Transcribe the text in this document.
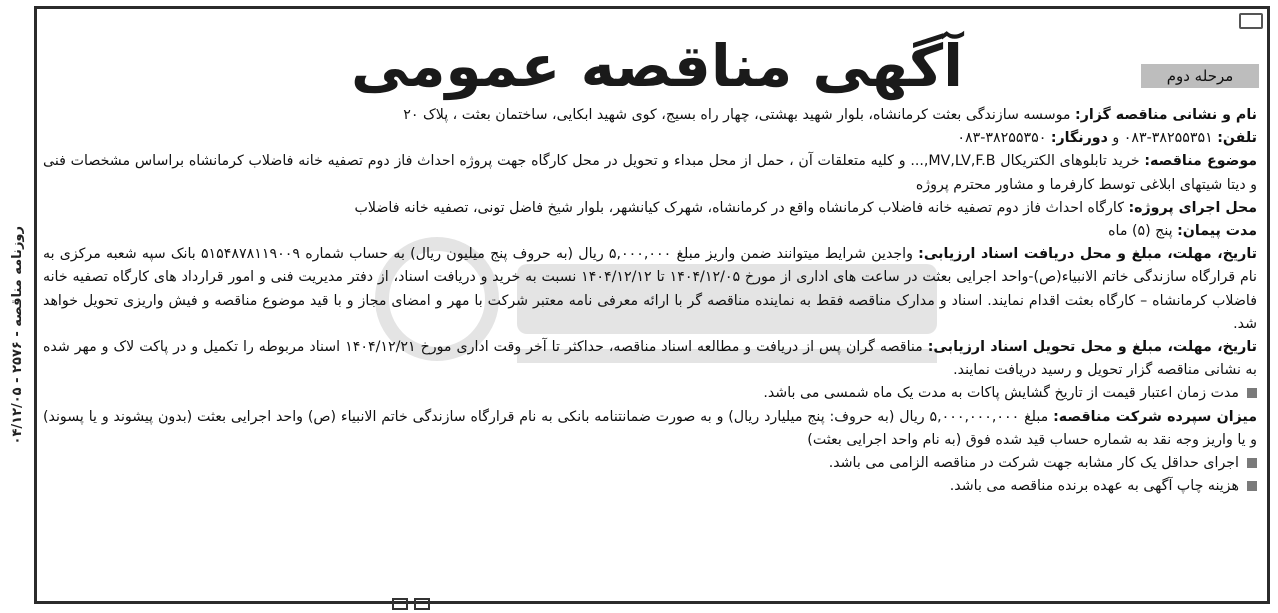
آگهی مناقصه عمومی	مرحله دوم

نام و نشانی مناقصه گزار: موسسه سازندگی بعثت کرمانشاه، بلوار شهید بهشتی، چهار راه بسیج، کوی شهید ابکایی، ساختمان بعثت ، پلاک ۲۰

تلفن: ۳۸۲۵۵۳۵۱-۰۸۳ و دورنگار: ۳۸۲۵۵۳۵۰-۰۸۳

موضوع مناقصه: خرید تابلوهای الکتریکال MV,LV,F.B,... و کلیه متعلقات آن ، حمل از محل مبداء و تحویل در محل کارگاه جهت پروژه احداث فاز دوم تصفیه خانه فاضلاب کرمانشاه براساس مشخصات فنی و دیتا شیتهای ابلاغی توسط کارفرما و مشاور محترم پروژه

محل اجرای پروژه: کارگاه احداث فاز دوم تصفیه خانه فاضلاب کرمانشاه واقع در کرمانشاه، شهرک کیانشهر، بلوار شیخ فاضل تونی، تصفیه خانه فاضلاب

مدت پیمان: پنج (۵) ماه

تاریخ، مهلت، مبلغ و محل دریافت اسناد ارزیابی: واجدین شرایط میتوانند ضمن واریز مبلغ ۵,۰۰۰,۰۰۰ ریال (به حروف پنج میلیون ریال) به حساب شماره ۵۱۵۴۸۷۸۱۱۹۰۰۹ بانک سپه شعبه مرکزی به نام قرارگاه سازندگی خاتم الانبیاء(ص)-واحد اجرایی بعثت در ساعت های اداری از مورخ ۱۴۰۴/۱۲/۰۵ تا ۱۴۰۴/۱۲/۱۲ نسبت به خرید و دریافت اسناد، از دفتر مدیریت فنی و امور قرارداد های کارگاه تصفیه خانه فاضلاب کرمانشاه – کارگاه بعثت اقدام نمایند. اسناد و مدارک مناقصه فقط به نماینده مناقصه گر با ارائه معرفی نامه معتبر شرکت با مهر و امضای مجاز و با قید موضوع مناقصه و فیش واریزی تحویل خواهد شد.

تاریخ، مهلت، مبلغ و محل تحویل اسناد ارزیابی: مناقصه گران پس از دریافت و مطالعه اسناد مناقصه، حداکثر تا آخر وقت اداری مورخ ۱۴۰۴/۱۲/۲۱ اسناد مربوطه را تکمیل و در پاکت لاک و مهر شده به نشانی مناقصه گزار تحویل و رسید دریافت نمایند.

مدت زمان اعتبار قیمت از تاریخ گشایش پاکات به مدت یک ماه شمسی می باشد.

میزان سپرده شرکت مناقصه: مبلغ ۵,۰۰۰,۰۰۰,۰۰۰ ریال (به حروف: پنج میلیارد ریال) و به صورت ضمانتنامه بانکی به نام قرارگاه سازندگی خاتم الانبیاء (ص) واحد اجرایی بعثت (بدون پیشوند و یا پسوند) و یا واریز وجه نقد به شماره حساب قید شده فوق (به نام واحد اجرایی بعثت)

اجرای حداقل یک کار مشابه جهت شرکت در مناقصه الزامی می باشد.

هزینه چاپ آگهی به عهده برنده مناقصه می باشد.

روزنامه مناقصه - ۲۵۷۶ - ۰۴/۱۲/۰۵
